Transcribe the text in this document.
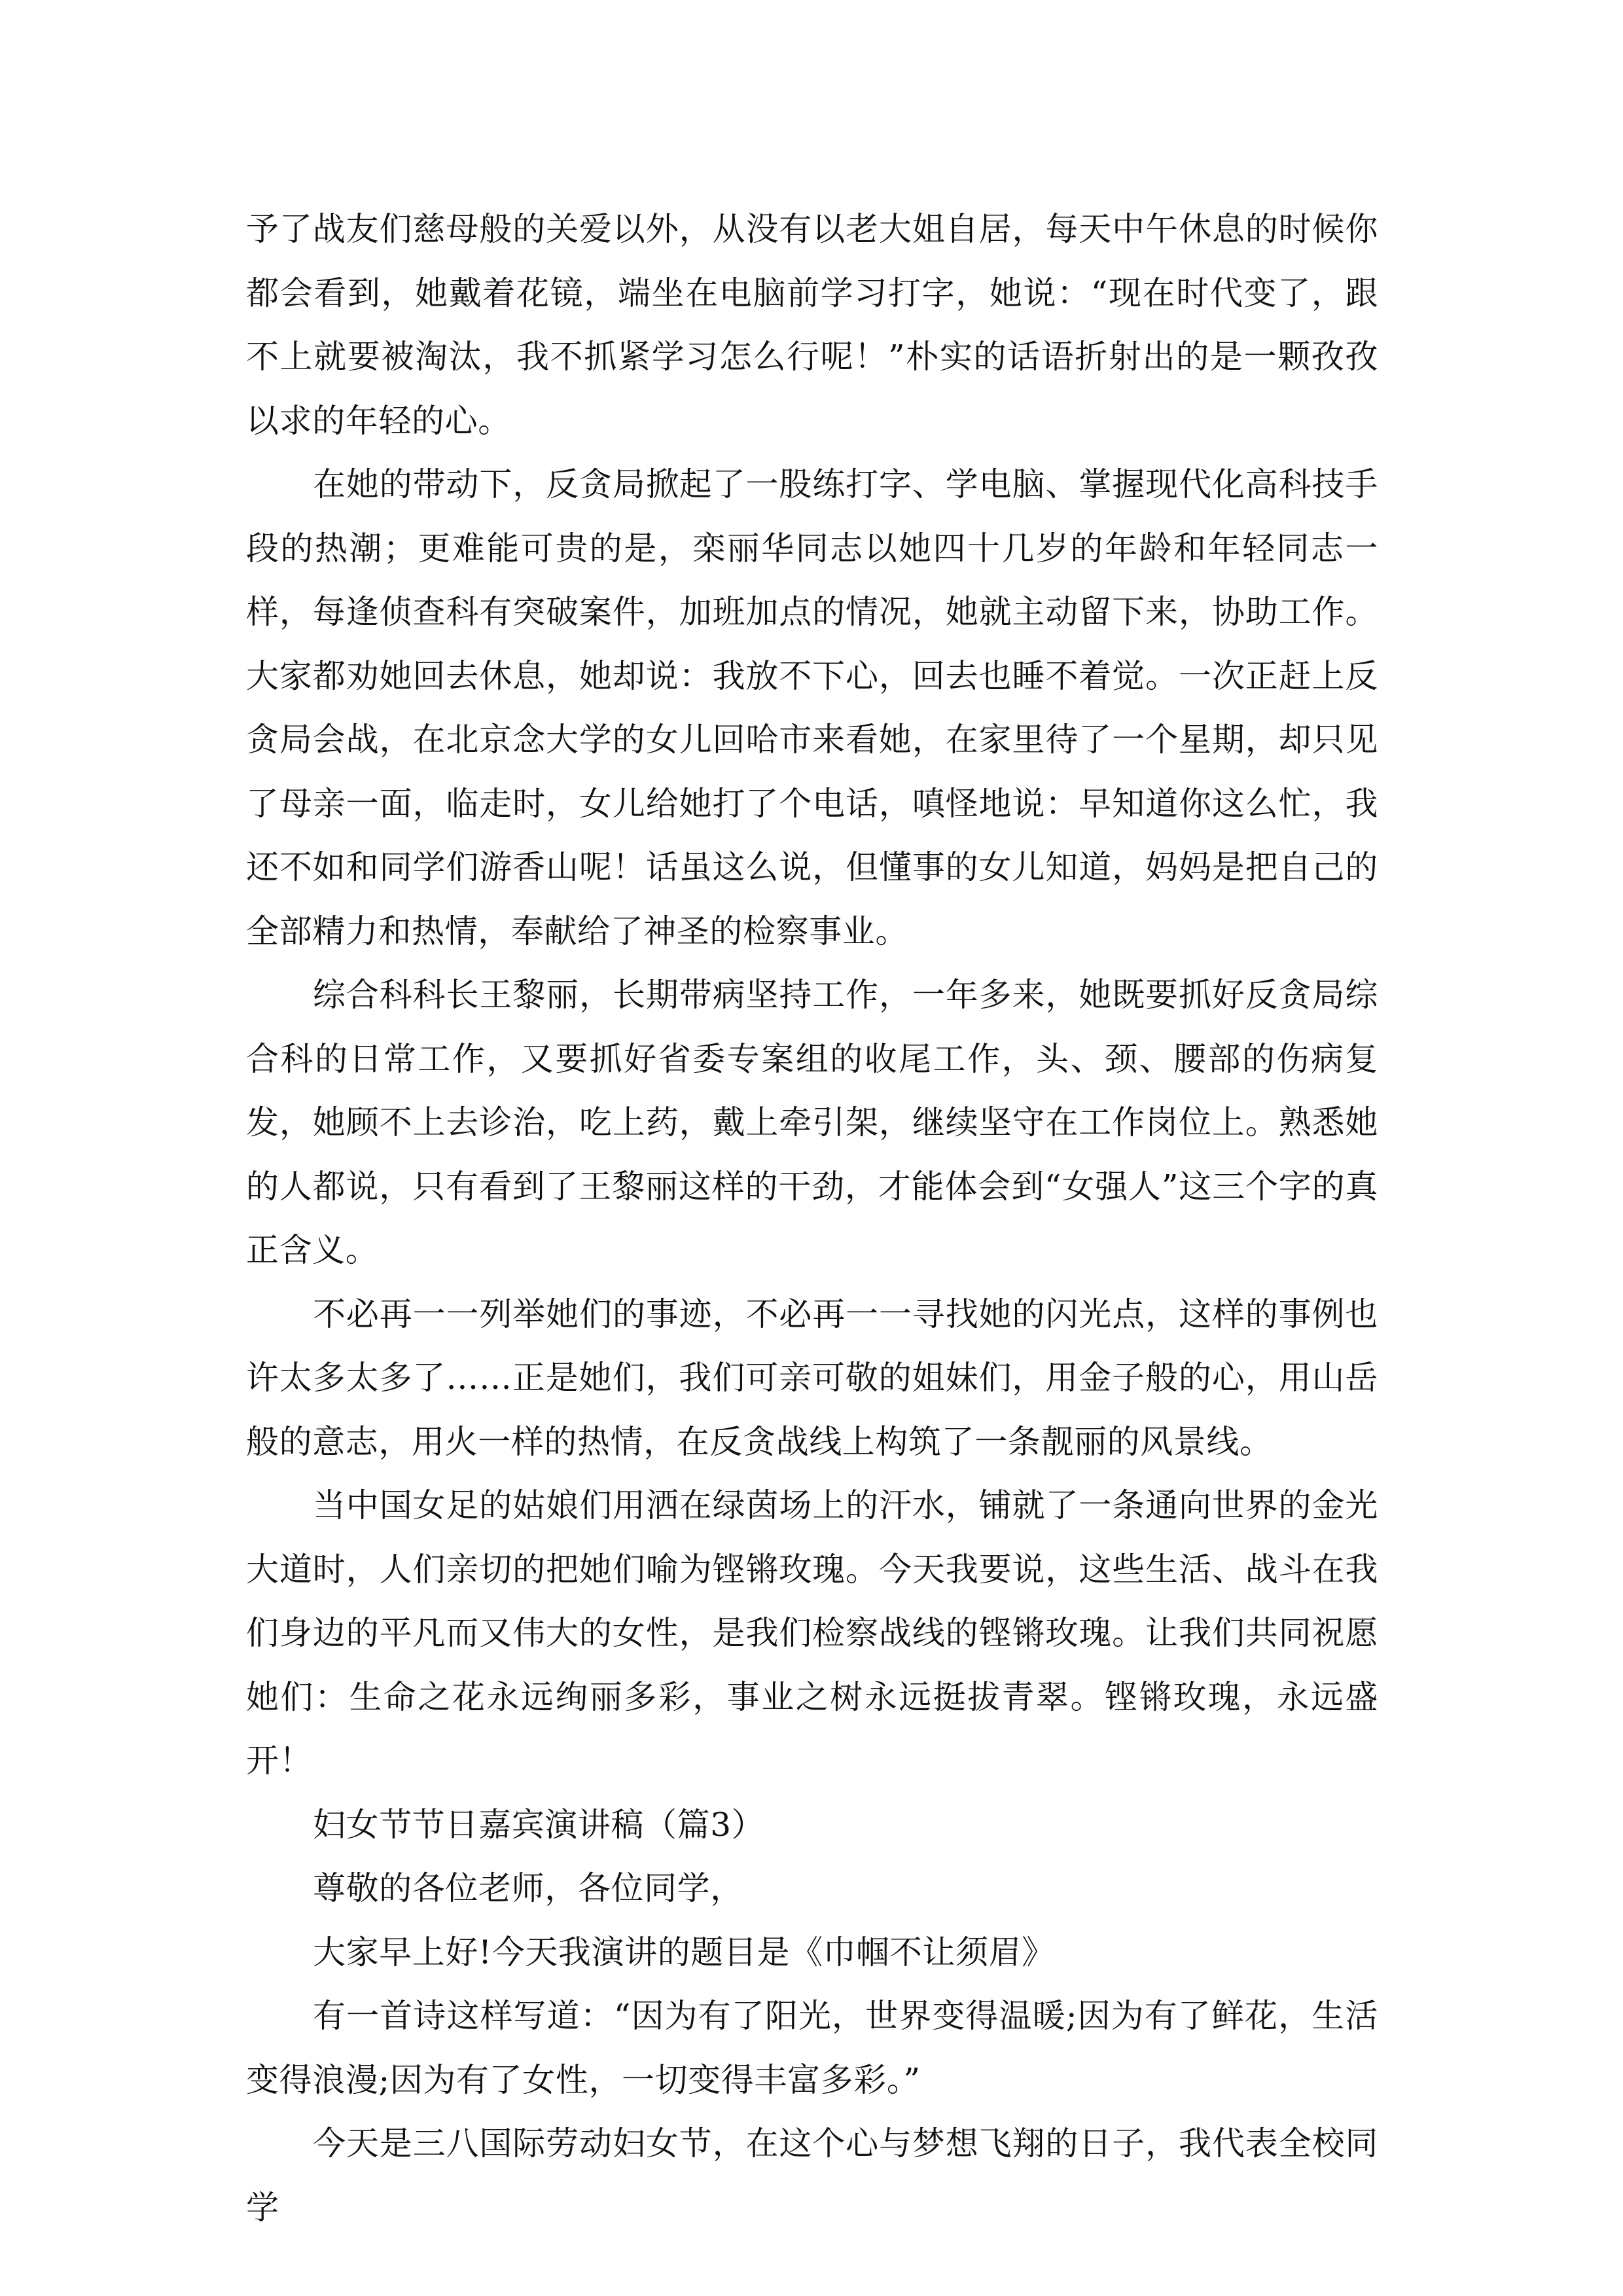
予了战友们慈母般的关爱以外，从没有以老大姐自居，每天中午休息的时候你都会看到，她戴着花镜，端坐在电脑前学习打字，她说：“现在时代变了，跟不上就要被淘汰，我不抓紧学习怎么行呢！”朴实的话语折射出的是一颗孜孜以求的年轻的心。

在她的带动下，反贪局掀起了一股练打字、学电脑、掌握现代化高科技手段的热潮；更难能可贵的是，栾丽华同志以她四十几岁的年龄和年轻同志一样，每逢侦查科有突破案件，加班加点的情况，她就主动留下来，协助工作。大家都劝她回去休息，她却说：我放不下心，回去也睡不着觉。一次正赶上反贪局会战，在北京念大学的女儿回哈市来看她，在家里待了一个星期，却只见了母亲一面，临走时，女儿给她打了个电话，嗔怪地说：早知道你这么忙，我还不如和同学们游香山呢！话虽这么说，但懂事的女儿知道，妈妈是把自己的全部精力和热情，奉献给了神圣的检察事业。

综合科科长王黎丽，长期带病坚持工作，一年多来，她既要抓好反贪局综合科的日常工作，又要抓好省委专案组的收尾工作，头、颈、腰部的伤病复发，她顾不上去诊治，吃上药，戴上牵引架，继续坚守在工作岗位上。熟悉她的人都说，只有看到了王黎丽这样的干劲，才能体会到“女强人”这三个字的真正含义。

不必再一一列举她们的事迹，不必再一一寻找她的闪光点，这样的事例也许太多太多了……正是她们，我们可亲可敬的姐妹们，用金子般的心，用山岳般的意志，用火一样的热情，在反贪战线上构筑了一条靓丽的风景线。

当中国女足的姑娘们用洒在绿茵场上的汗水，铺就了一条通向世界的金光大道时，人们亲切的把她们喻为铿锵玫瑰。今天我要说，这些生活、战斗在我们身边的平凡而又伟大的女性，是我们检察战线的铿锵玫瑰。让我们共同祝愿她们：生命之花永远绚丽多彩，事业之树永远挺拔青翠。铿锵玫瑰，永远盛开！

妇女节节日嘉宾演讲稿（篇3）

尊敬的各位老师，各位同学，

大家早上好!今天我演讲的题目是《巾帼不让须眉》

有一首诗这样写道：“因为有了阳光，世界变得温暖;因为有了鲜花，生活变得浪漫;因为有了女性，一切变得丰富多彩。”

今天是三八国际劳动妇女节，在这个心与梦想飞翔的日子，我代表全校同学
